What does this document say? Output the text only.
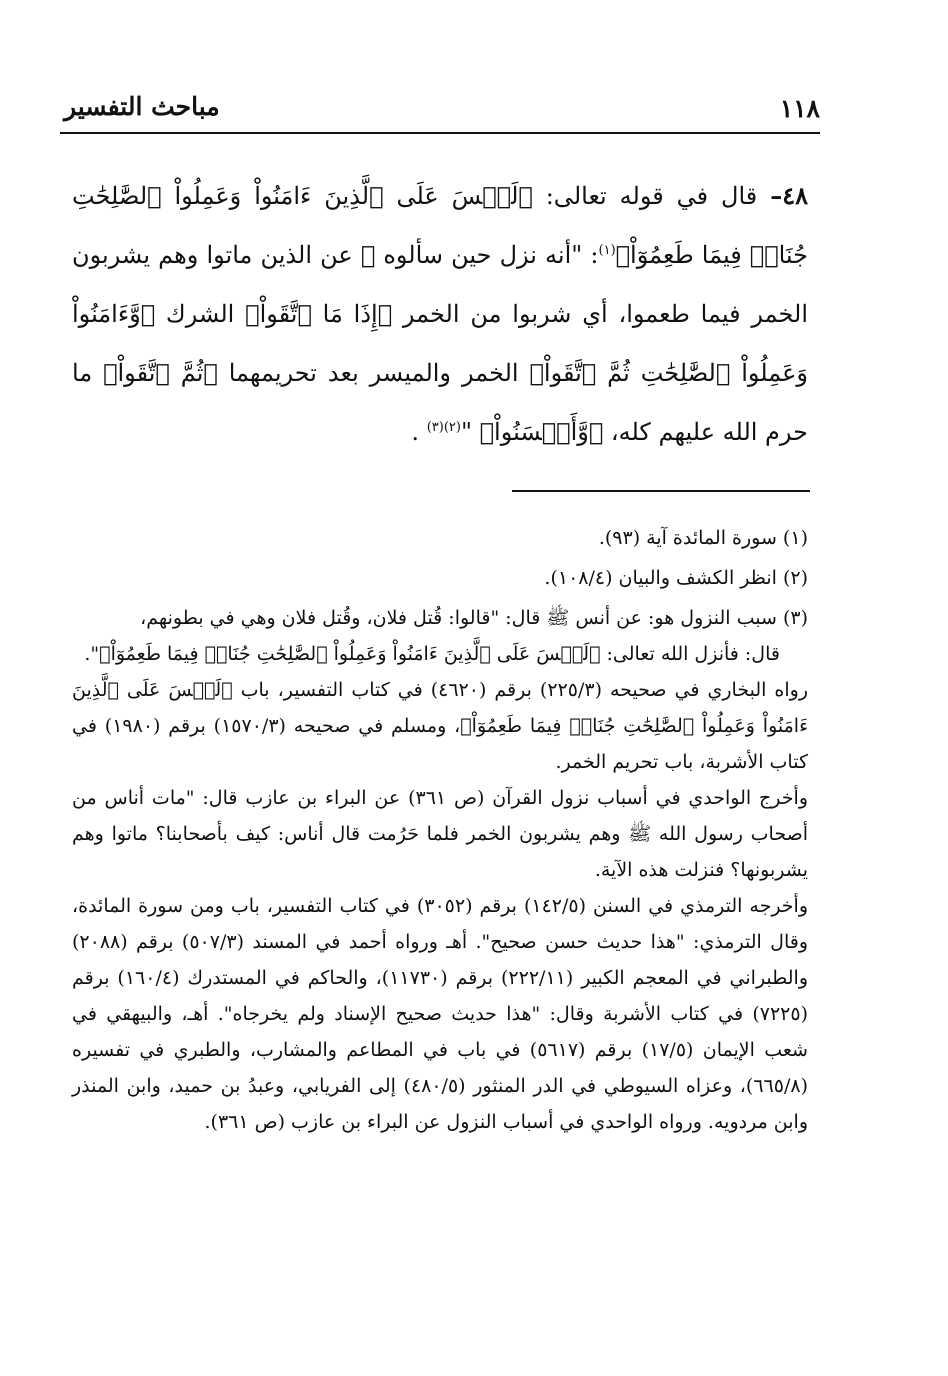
١١٨
مباحث التفسير

٤٨– قال في قوله تعالى: ﴿لَيۡسَ عَلَى ٱلَّذِينَ ءَامَنُواْ وَعَمِلُواْ ٱلصَّٰلِحَٰتِ جُنَاحٞ فِيمَا طَعِمُوٓاْ﴾$^{(١)}$: "أنه نزل حين سألوه ﷺ عن الذين ماتوا وهم يشربون الخمر فيما طعموا، أي شربوا من الخمر ﴿إِذَا مَا ٱتَّقَواْ﴾ الشرك ﴿وَّءَامَنُواْ وَعَمِلُواْ ٱلصَّٰلِحَٰتِ ثُمَّ ٱتَّقَواْ﴾ الخمر والميسر بعد تحريمهما ﴿ثُمَّ ٱتَّقَواْ﴾ ما حرم الله عليهم كله، ﴿وَّأَحۡسَنُواْ﴾ "$^{(٢)(٣)}$ .

(١) سورة المائدة آية (٩٣).

(٢) انظر الكشف والبيان (١٠٨/٤).

(٣) سبب النزول هو: عن أنس ﷺ قال: "قالوا: قُتل فلان، وقُتل فلان وهي في بطونهم،

قال: فأنزل الله تعالى: ﴿لَيۡسَ عَلَى ٱلَّذِينَ ءَامَنُواْ وَعَمِلُواْ ٱلصَّٰلِحَٰتِ جُنَاحٞ فِيمَا طَعِمُوٓاْ﴾".

رواه البخاري في صحيحه (٢٢٥/٣) برقم (٤٦٢٠) في كتاب التفسير، باب ﴿لَيۡسَ عَلَى ٱلَّذِينَ ءَامَنُواْ وَعَمِلُواْ ٱلصَّٰلِحَٰتِ جُنَاحٞ فِيمَا طَعِمُوٓاْ﴾، ومسلم في صحيحه (١٥٧٠/٣) برقم (١٩٨٠) في كتاب الأشربة، باب تحريم الخمر.

وأخرج الواحدي في أسباب نزول القرآن (ص ٣٦١) عن البراء بن عازب قال: "مات أناس من أصحاب رسول الله ﷺ وهم يشربون الخمر فلما حَرُمت قال أناس: كيف بأصحابنا؟ ماتوا وهم يشربونها؟ فنزلت هذه الآية.

وأخرجه الترمذي في السنن (١٤٢/٥) برقم (٣٠٥٢) في كتاب التفسير، باب ومن سورة المائدة، وقال الترمذي: "هذا حديث حسن صحيح". أهـ ورواه أحمد في المسند (٥٠٧/٣) برقم (٢٠٨٨) والطبراني في المعجم الكبير (٢٢٢/١١) برقم (١١٧٣٠)، والحاكم في المستدرك (١٦٠/٤) برقم (٧٢٢٥) في كتاب الأشربة وقال: "هذا حديث صحيح الإسناد ولم يخرجاه". أهـ، والبيهقي في شعب الإيمان (١٧/٥) برقم (٥٦١٧) في باب في المطاعم والمشارب، والطبري في تفسيره (٦٦٥/٨)، وعزاه السيوطي في الدر المنثور (٤٨٠/٥) إلى الفريابي، وعبدُ بن حميد، وابن المنذر وابن مردويه. ورواه الواحدي في أسباب النزول عن البراء بن عازب (ص ٣٦١).
